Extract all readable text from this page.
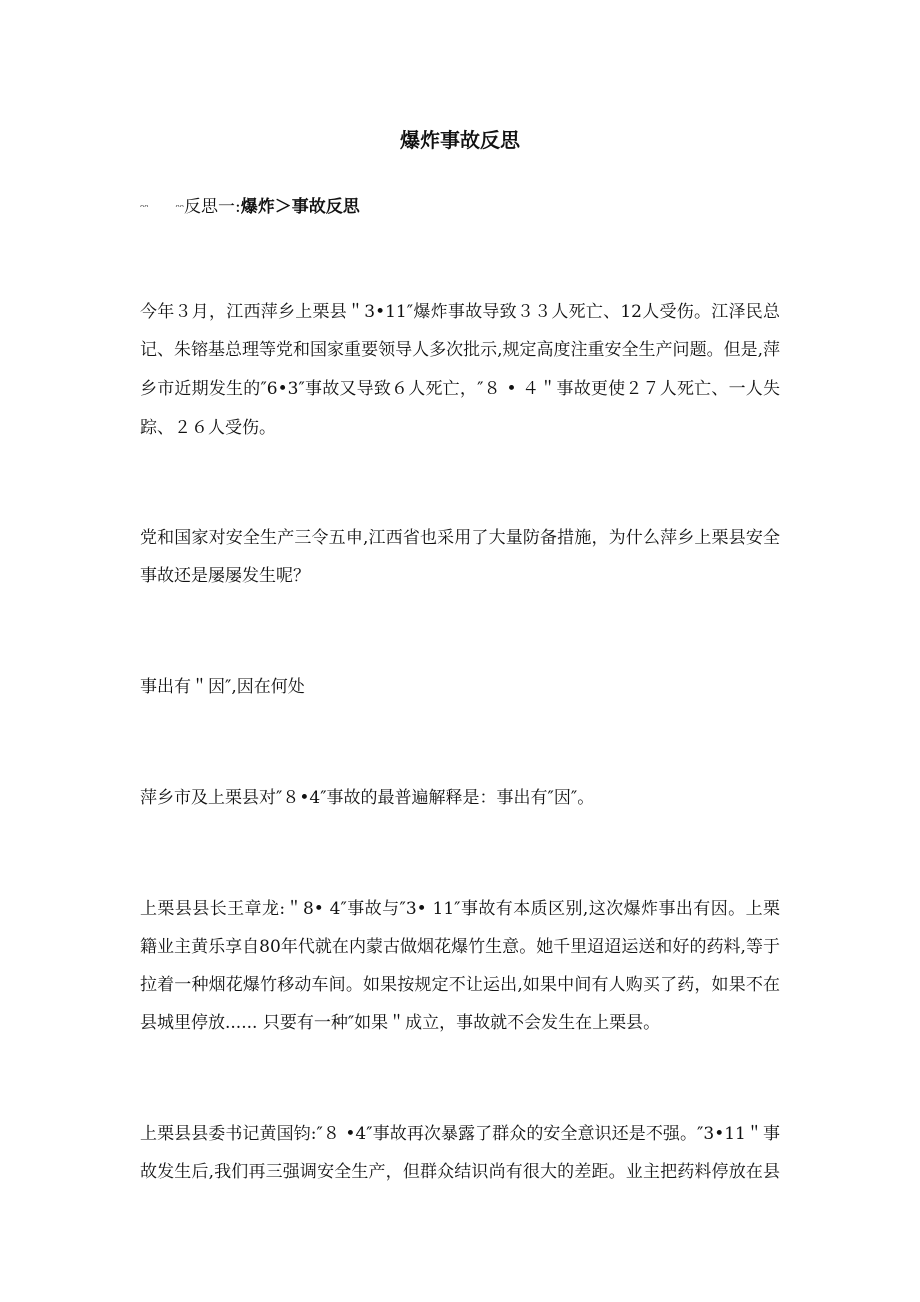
爆炸事故反思
ᵔᵔ ᵔᵔ反思一:爆炸＞事故反思
今年３月，江西萍乡上栗县＂3•11″爆炸事故导致３３人死亡、12人受伤。江泽民总
记、朱镕基总理等党和国家重要领导人多次批示,规定高度注重安全生产问题。但是,萍
乡市近期发生的″6•3″事故又导致６人死亡，″８ • ４＂事故更使２７人死亡、一人失
踪、２６人受伤。
党和国家对安全生产三令五申,江西省也采用了大量防备措施，为什么萍乡上栗县安全
事故还是屡屡发生呢？
事出有＂因″,因在何处
萍乡市及上栗县对″８•4″事故的最普遍解释是：事出有″因″。
上栗县县长王章龙:＂8• 4″事故与″3• 11″事故有本质区别,这次爆炸事出有因。上栗
籍业主黄乐享自80年代就在内蒙古做烟花爆竹生意。她千里迢迢运送和好的药料,等于
拉着一种烟花爆竹移动车间。如果按规定不让运出,如果中间有人购买了药，如果不在
县城里停放...... 只要有一种″如果＂成立，事故就不会发生在上栗县。
上栗县县委书记黄国钧:″８ •4″事故再次暴露了群众的安全意识还是不强。″3•11＂事
故发生后,我们再三强调安全生产，但群众结识尚有很大的差距。业主把药料停放在县
